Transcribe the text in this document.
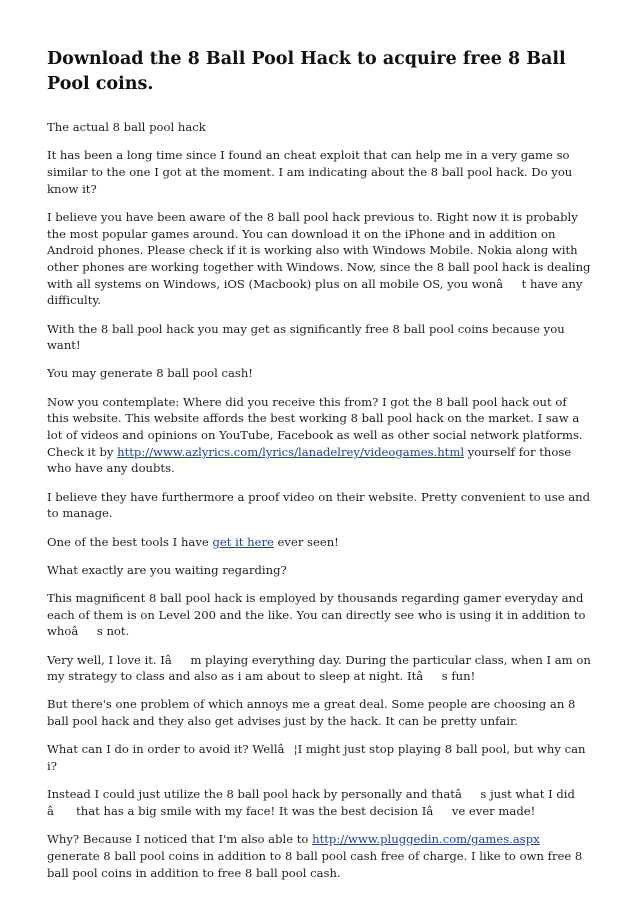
Download the 8 Ball Pool Hack to acquire free 8 Ball Pool coins.

The actual 8 ball pool hack

It has been a long time since I found an cheat exploit that can help me in a very game so similar to the one I got at the moment. I am indicating about the 8 ball pool hack. Do you know it?

I believe you have been aware of the 8 ball pool hack previous to. Right now it is probably the most popular games around. You can download it on the iPhone and in addition on Android phones. Please check if it is working also with Windows Mobile. Nokia along with other phones are working together with Windows. Now, since the 8 ball pool hack is dealing with all systems on Windows, iOS (Macbook) plus on all mobile OS, you wonât have any difficulty.

With the 8 ball pool hack you may get as significantly free 8 ball pool coins because you want!

You may generate 8 ball pool cash!

Now you contemplate: Where did you receive this from? I got the 8 ball pool hack out of this website. This website affords the best working 8 ball pool hack on the market. I saw a lot of videos and opinions on YouTube, Facebook as well as other social network platforms. Check it by http://www.azlyrics.com/lyrics/lanadelrey/videogames.html yourself for those who have any doubts.

I believe they have furthermore a proof video on their website. Pretty convenient to use and to manage.

One of the best tools I have get it here ever seen!

What exactly are you waiting regarding?

This magnificent 8 ball pool hack is employed by thousands regarding gamer everyday and each of them is on Level 200 and the like. You can directly see who is using it in addition to whoâs not.

Very well, I love it. Iâm playing everything day. During the particular class, when I am on my strategy to class and also as i am about to sleep at night. Itâs fun!

But there's one problem of which annoys me a great deal. Some people are choosing an 8 ball pool hack and they also get advises just by the hack. It can be pretty unfair.

What can I do in order to avoid it? Wellâ¦I might just stop playing 8 ball pool, but why can i?

Instead I could just utilize the 8 ball pool hack by personally and thatâs just what I did â that has a big smile with my face! It was the best decision Iâve ever made!

Why? Because I noticed that I'm also able to http://www.pluggedin.com/games.aspx generate 8 ball pool coins in addition to 8 ball pool cash free of charge. I like to own free 8 ball pool coins in addition to free 8 ball pool cash.
